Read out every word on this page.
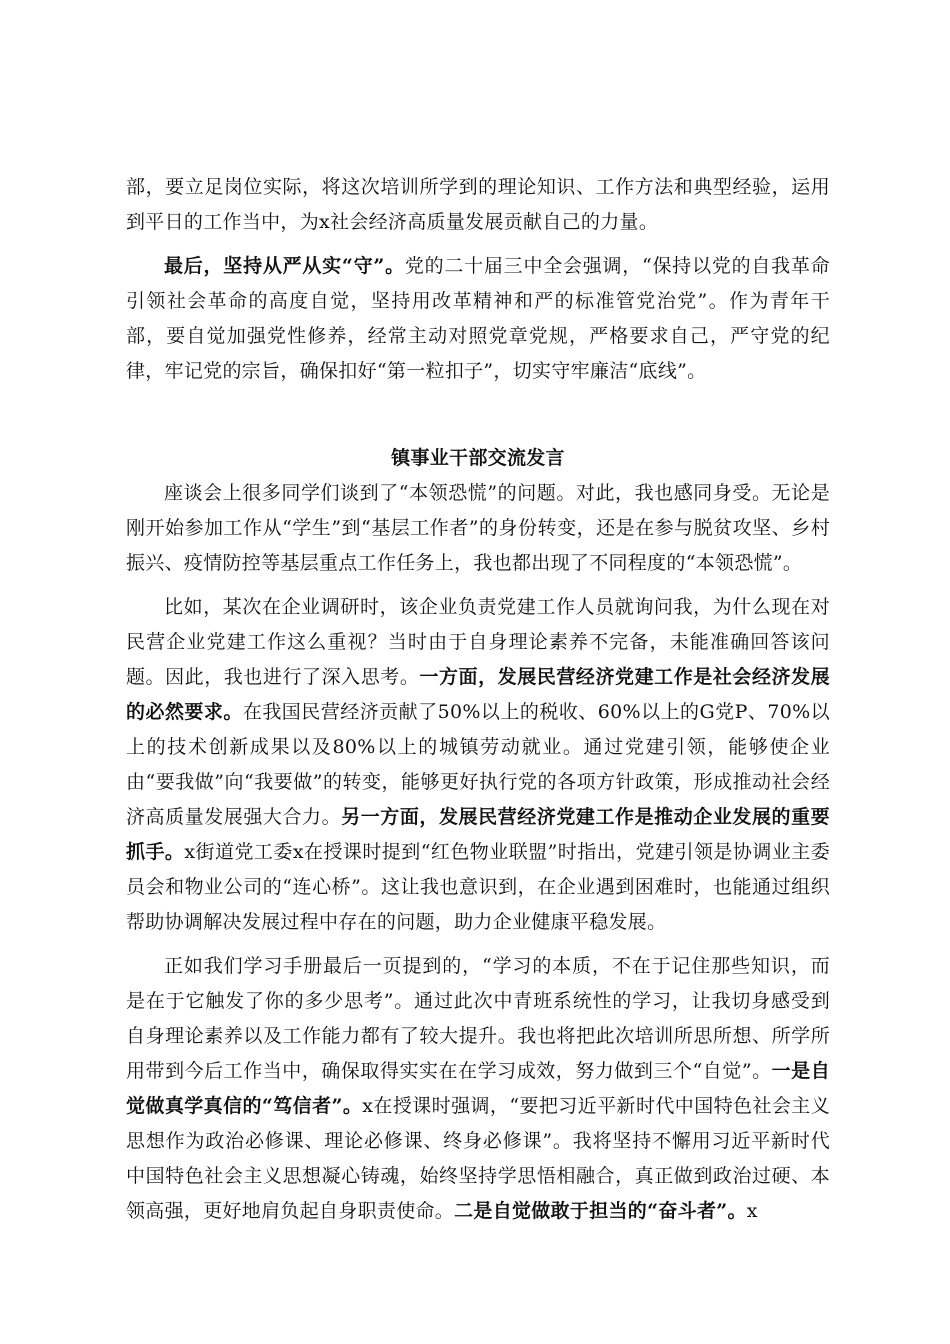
部，要立足岗位实际，将这次培训所学到的理论知识、工作方法和典型经验，运用到平日的工作当中，为x社会经济高质量发展贡献自己的力量。

最后，坚持从严从实“守”。党的二十届三中全会强调，“保持以党的自我革命引领社会革命的高度自觉，坚持用改革精神和严的标准管党治党”。作为青年干部，要自觉加强党性修养，经常主动对照党章党规，严格要求自己，严守党的纪律，牢记党的宗旨，确保扣好“第一粒扣子”，切实守牢廉洁“底线”。

镇事业干部交流发言

座谈会上很多同学们谈到了“本领恐慌”的问题。对此，我也感同身受。无论是刚开始参加工作从“学生”到“基层工作者”的身份转变，还是在参与脱贫攻坚、乡村振兴、疫情防控等基层重点工作任务上，我也都出现了不同程度的“本领恐慌”。

比如，某次在企业调研时，该企业负责党建工作人员就询问我，为什么现在对民营企业党建工作这么重视？当时由于自身理论素养不完备，未能准确回答该问题。因此，我也进行了深入思考。一方面，发展民营经济党建工作是社会经济发展的必然要求。在我国民营经济贡献了50%以上的税收、60%以上的G党P、70%以上的技术创新成果以及80%以上的城镇劳动就业。通过党建引领，能够使企业由“要我做”向“我要做”的转变，能够更好执行党的各项方针政策，形成推动社会经济高质量发展强大合力。另一方面，发展民营经济党建工作是推动企业发展的重要抓手。x街道党工委x在授课时提到“红色物业联盟”时指出，党建引领是协调业主委员会和物业公司的“连心桥”。这让我也意识到，在企业遇到困难时，也能通过组织帮助协调解决发展过程中存在的问题，助力企业健康平稳发展。

正如我们学习手册最后一页提到的，“学习的本质，不在于记住那些知识，而是在于它触发了你的多少思考”。通过此次中青班系统性的学习，让我切身感受到自身理论素养以及工作能力都有了较大提升。我也将把此次培训所思所想、所学所用带到今后工作当中，确保取得实实在在学习成效，努力做到三个“自觉”。一是自觉做真学真信的“笃信者”。x在授课时强调，“要把习近平新时代中国特色社会主义思想作为政治必修课、理论必修课、终身必修课”。我将坚持不懈用习近平新时代中国特色社会主义思想凝心铸魂，始终坚持学思悟相融合，真正做到政治过硬、本领高强，更好地肩负起自身职责使命。二是自觉做敢于担当的“奋斗者”。x
